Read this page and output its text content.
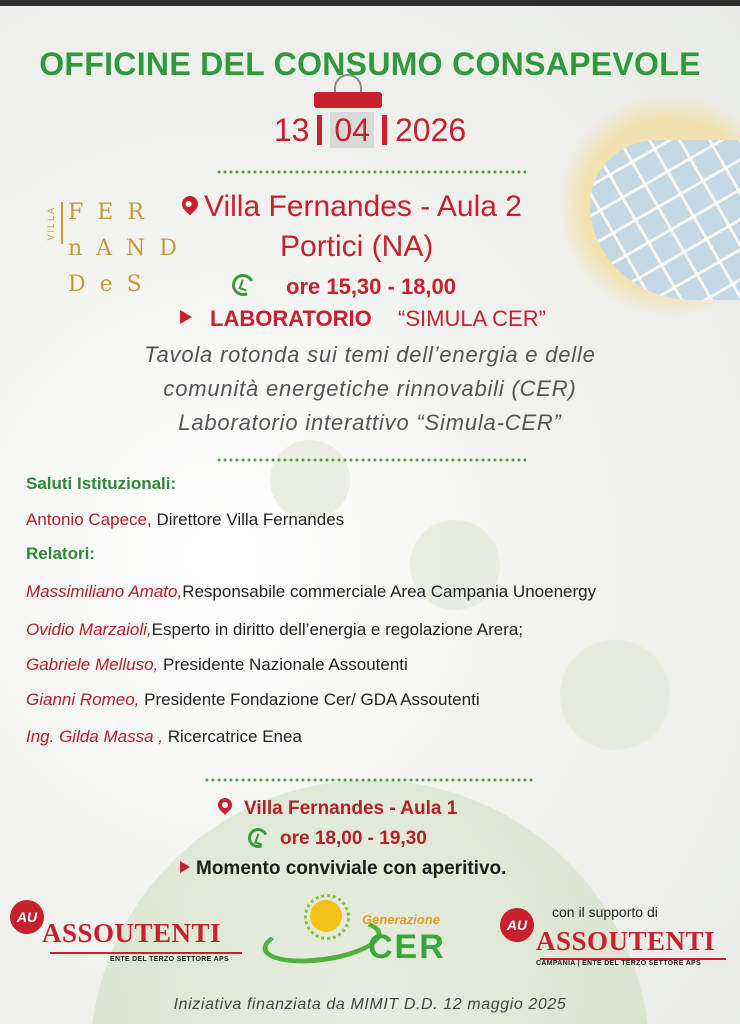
OFFICINE DEL CONSUMO CONSAPEVOLE
13 04 2026
VILLA FER
nAND
DeS
Villa Fernandes - Aula 2
Portici (NA)
ore 15,30 - 18,00
LABORATORIO “SIMULA CER”
Tavola rotonda sui temi dell’energia e delle
comunità energetiche rinnovabili (CER)
Laboratorio interattivo “Simula-CER”
Saluti Istituzionali:
Antonio Capece, Direttore Villa Fernandes
Relatori:
Massimiliano Amato,Responsabile commerciale Area Campania Unoenergy
Ovidio Marzaioli,Esperto in diritto dell’energia e regolazione Arera;
Gabriele Melluso, Presidente Nazionale Assoutenti
Gianni Romeo, Presidente Fondazione Cer/ GDA Assoutenti
Ing. Gilda Massa , Ricercatrice Enea
Villa Fernandes - Aula 1
ore 18,00 - 19,30
Momento conviviale con aperitivo.
AU
ASSOUTENTI
ENTE DEL TERZO SETTORE APS
Generazione
CER
con il supporto di
AU
ASSOUTENTI
CAMPANIA | ENTE DEL TERZO SETTORE APS
Iniziativa finanziata da MIMIT D.D. 12 maggio 2025
